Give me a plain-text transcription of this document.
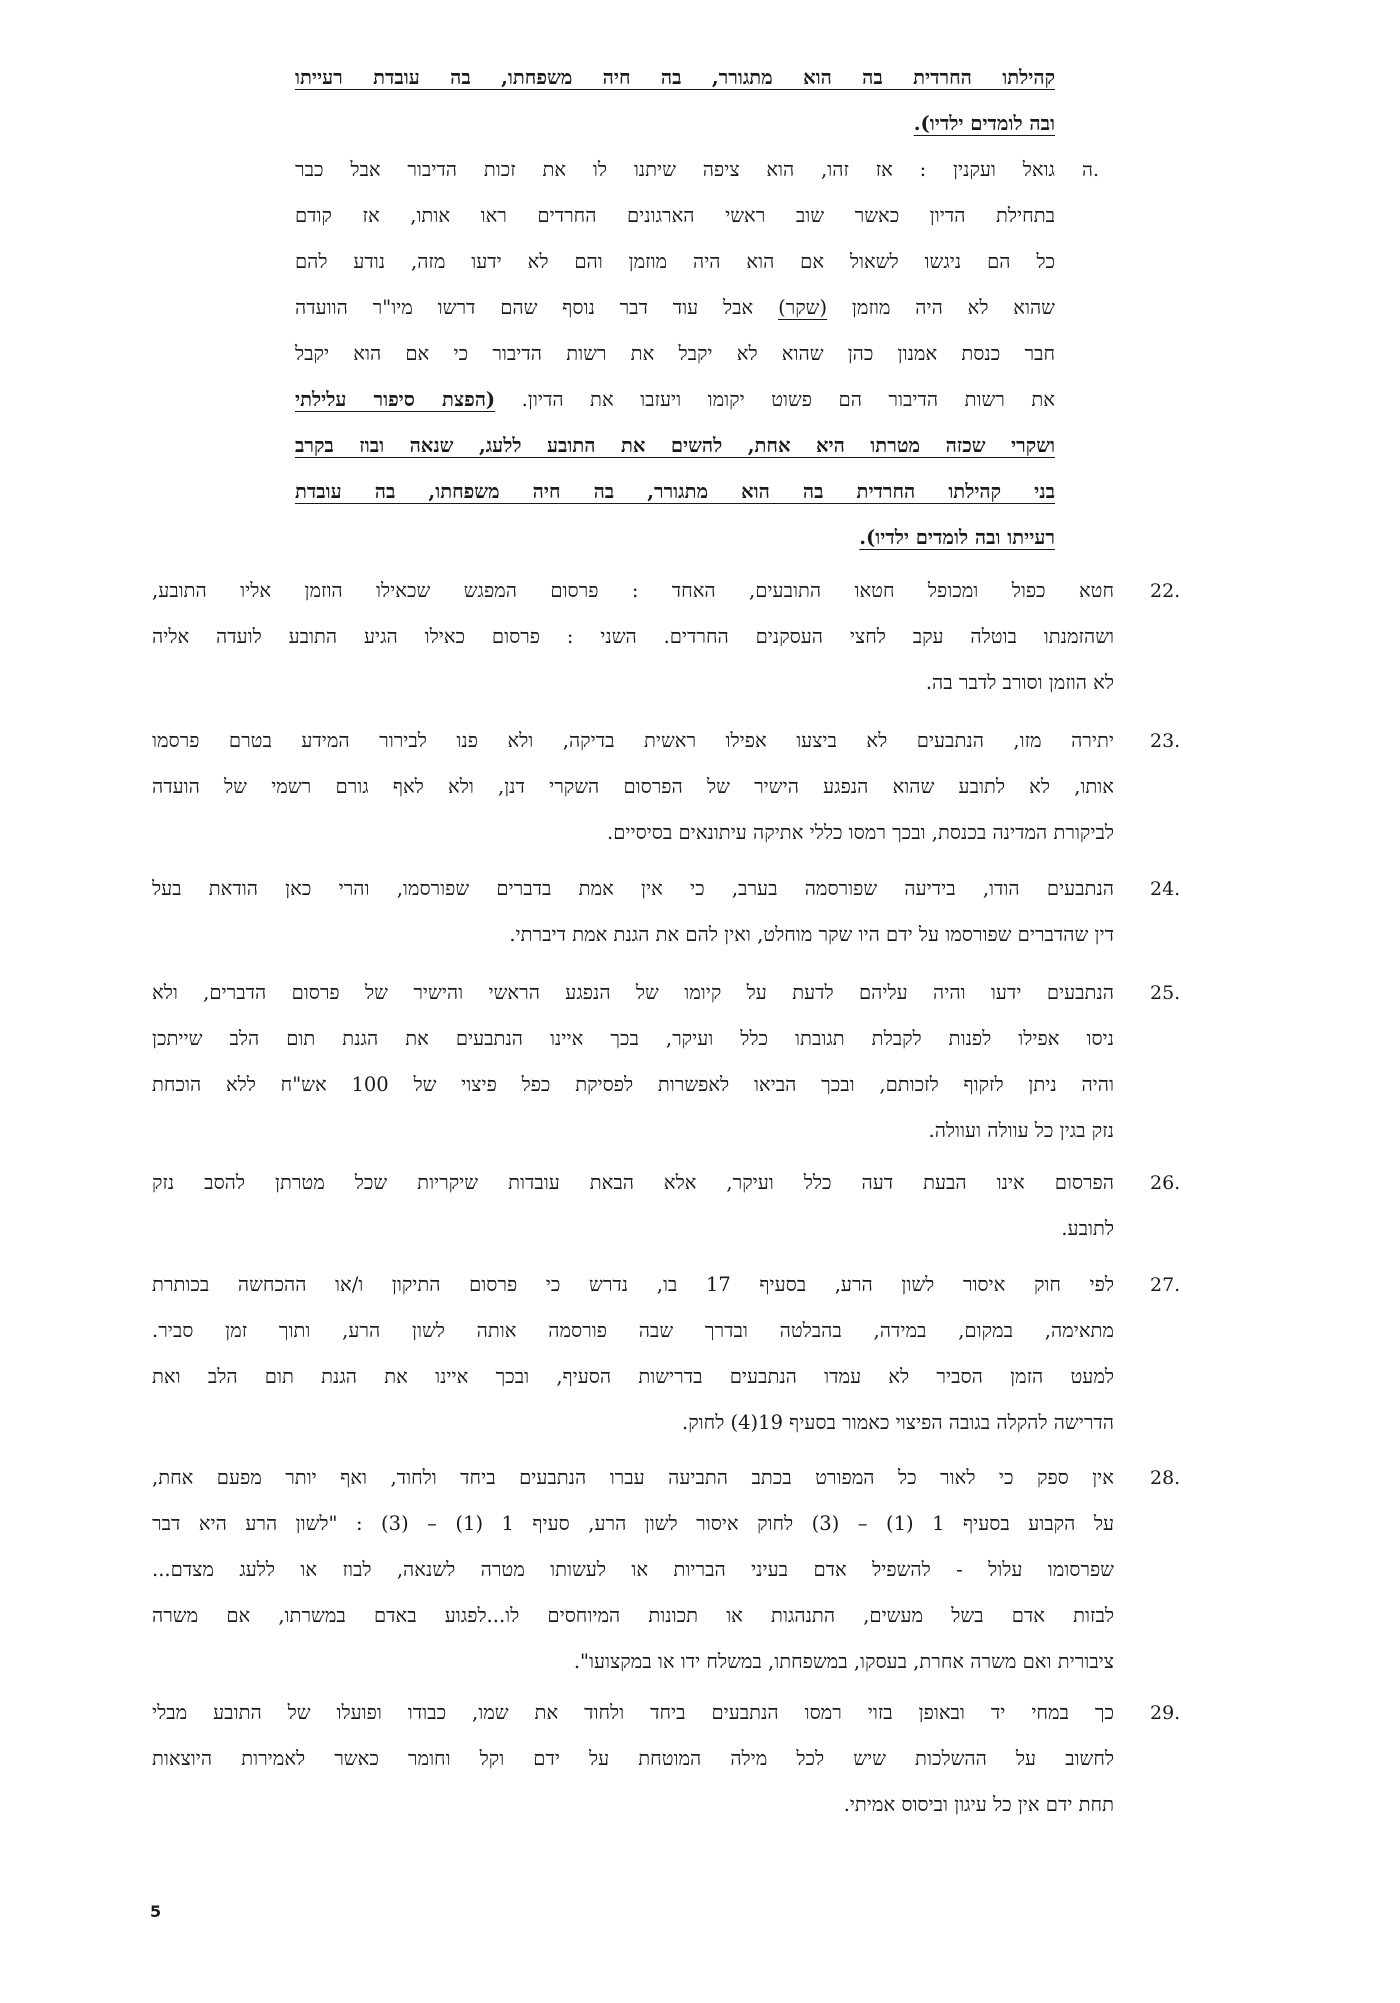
קהילתו החרדית בה הוא מתגורר, בה חיה משפחתו, בה עובדת רעייתו
ובה לומדים ילדיו).
ה.
גואל ועקנין : אז זהו, הוא ציפה שיתנו לו את זכות הדיבור אבל כבר
בתחילת הדיון כאשר שוב ראשי הארגונים החרדים ראו אותו, אז קודם
כל הם ניגשו לשאול אם הוא היה מוזמן והם לא ידעו מזה, נודע להם
שהוא לא היה מוזמן (שקר) אבל עוד דבר נוסף שהם דרשו מיו"ר הוועדה
חבר כנסת אמנון כהן שהוא לא יקבל את רשות הדיבור כי אם הוא יקבל
את רשות הדיבור הם פשוט יקומו ויעזבו את הדיון. (הפצת סיפור עלילתי
ושקרי שכזה מטרתו היא אחת, להשים את התובע ללעג, שנאה ובוז בקרב
בני קהילתו החרדית בה הוא מתגורר, בה חיה משפחתו, בה עובדת
רעייתו ובה לומדים ילדיו).
22.
חטא כפול ומכופל חטאו התובעים, האחד : פרסום המפגש שכאילו הוזמן אליו התובע,
ושהזמנתו בוטלה עקב לחצי העסקנים החרדים. השני : פרסום כאילו הגיע התובע לועדה אליה
לא הוזמן וסורב לדבר בה.
23.
יתירה מזו, הנתבעים לא ביצעו אפילו ראשית בדיקה, ולא פנו לבירור המידע בטרם פרסמו
אותו, לא לתובע שהוא הנפגע הישיר של הפרסום השקרי דנן, ולא לאף גורם רשמי של הועדה
לביקורת המדינה בכנסת, ובכך רמסו כללי אתיקה עיתונאים בסיסיים.
24.
הנתבעים הודו, בידיעה שפורסמה בערב, כי אין אמת בדברים שפורסמו, והרי כאן הודאת בעל
דין שהדברים שפורסמו על ידם היו שקר מוחלט, ואין להם את הגנת אמת דיברתי.
25.
הנתבעים ידעו והיה עליהם לדעת על קיומו של הנפגע הראשי והישיר של פרסום הדברים, ולא
ניסו אפילו לפנות לקבלת תגובתו כלל ועיקר, בכך איינו הנתבעים את הגנת תום הלב שייתכן
והיה ניתן לזקוף לזכותם, ובכך הביאו לאפשרות לפסיקת כפל פיצוי של 100 אש"ח ללא הוכחת
נזק בגין כל עוולה ועוולה.
26.
הפרסום אינו הבעת דעה כלל ועיקר, אלא הבאת עובדות שיקריות שכל מטרתן להסב נזק
לתובע.
27.
לפי חוק איסור לשון הרע, בסעיף 17 בו, נדרש כי פרסום התיקון ו/או ההכחשה בכותרת
מתאימה, במקום, במידה, בהבלטה ובדרך שבה פורסמה אותה לשון הרע, ותוך זמן סביר.
למעט הזמן הסביר לא עמדו הנתבעים בדרישות הסעיף, ובכך איינו את הגנת תום הלב ואת
הדרישה להקלה בגובה הפיצוי כאמור בסעיף 19(4) לחוק.
28.
אין ספק כי לאור כל המפורט בכתב התביעה עברו הנתבעים ביחד ולחוד, ואף יותר מפעם אחת,
על הקבוע בסעיף 1 (1) – (3) לחוק איסור לשון הרע, סעיף 1 (1) – (3) : "לשון הרע היא דבר
שפרסומו עלול - להשפיל אדם בעיני הבריות או לעשותו מטרה לשנאה, לבוז או ללעג מצדם...
לבזות אדם בשל מעשים, התנהגות או תכונות המיוחסים לו...לפגוע באדם במשרתו, אם משרה
ציבורית ואם משרה אחרת, בעסקו, במשפחתו, במשלח ידו או במקצועו".
29.
כך במחי יד ובאופן בזוי רמסו הנתבעים ביחד ולחוד את שמו, כבודו ופועלו של התובע מבלי
לחשוב על ההשלכות שיש לכל מילה המוטחת על ידם וקל וחומר כאשר לאמירות היוצאות
תחת ידם אין כל עיגון וביסוס אמיתי.
5
